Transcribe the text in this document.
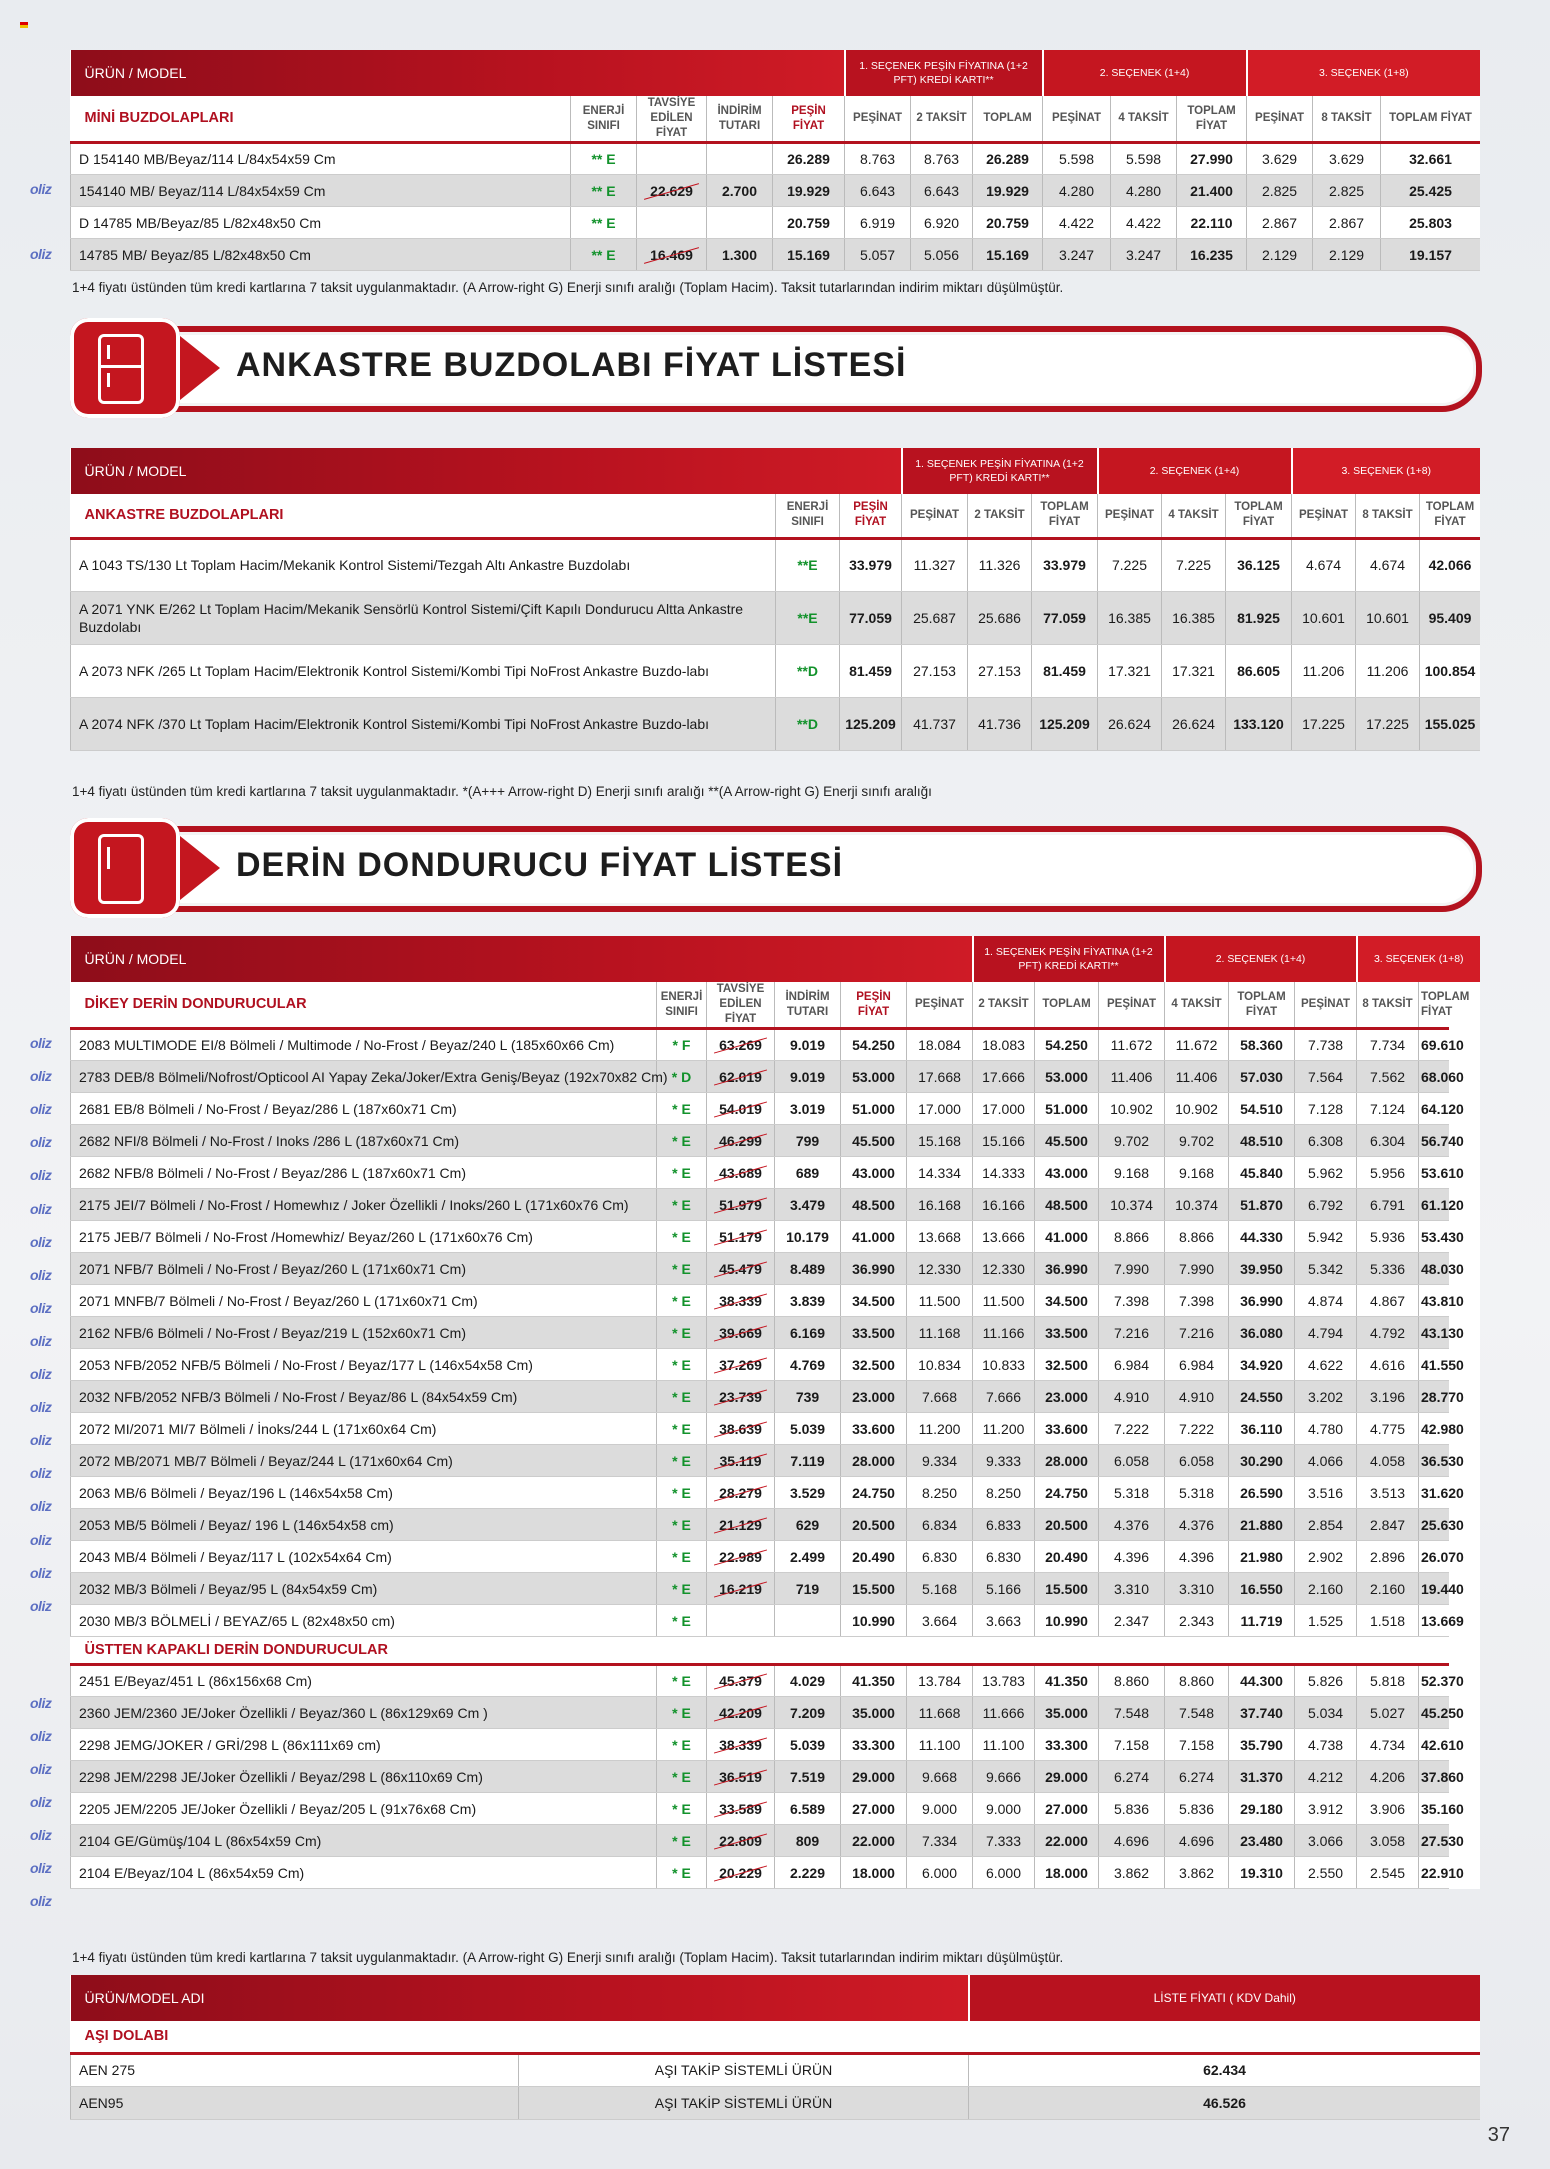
ÜRÜN / MODEL					1. SEÇENEK PEŞİN FİYATINA (1+2 PFT) KREDİ KARTI**			2. SEÇENEK (1+4)			3. SEÇENEK (1+8)		
MİNİ BUZDOLAPLARI	ENERJİ SINIFI	TAVSİYE EDİLEN FİYAT	İNDİRİM TUTARI	PEŞİN FİYAT	PEŞİNAT	2 TAKSİT	TOPLAM	PEŞİNAT	4 TAKSİT	TOPLAM FİYAT	PEŞİNAT	8 TAKSİT	TOPLAM FİYAT
D 154140 MB/Beyaz/114 L/84x54x59 Cm	** E			26.289	8.763	8.763	26.289	5.598	5.598	27.990	3.629	3.629	32.661
154140 MB/ Beyaz/114 L/84x54x59 Cm	** E	22.629	2.700	19.929	6.643	6.643	19.929	4.280	4.280	21.400	2.825	2.825	25.425
D 14785 MB/Beyaz/85 L/82x48x50 Cm	** E			20.759	6.919	6.920	20.759	4.422	4.422	22.110	2.867	2.867	25.803
14785 MB/ Beyaz/85 L/82x48x50 Cm	** E	16.469	1.300	15.169	5.057	5.056	15.169	3.247	3.247	16.235	2.129	2.129	19.157
1+4 fiyatı üstünden tüm kredi kartlarına 7 taksit uygulanmaktadır. (A Arrow-right G) Enerji sınıfı aralığı (Toplam Hacim). Taksit tutarlarından indirim miktarı düşülmüştür.
ANKASTRE BUZDOLABI FİYAT LİSTESİ
ÜRÜN / MODEL			1. SEÇENEK PEŞİN FİYATINA (1+2 PFT) KREDİ KARTI**			2. SEÇENEK (1+4)			3. SEÇENEK (1+8)		
ANKASTRE BUZDOLAPLARI	ENERJİ SINIFI	PEŞİN FİYAT	PEŞİNAT	2 TAKSİT	TOPLAM FİYAT	PEŞİNAT	4 TAKSİT	TOPLAM FİYAT	PEŞİNAT	8 TAKSİT	TOPLAM FİYAT
A 1043 TS/130 Lt Toplam Hacim/Mekanik Kontrol Sistemi/Tezgah Altı Ankastre Buzdolabı	**E	33.979	11.327	11.326	33.979	7.225	7.225	36.125	4.674	4.674	42.066
A 2071 YNK E/262 Lt Toplam Hacim/Mekanik Sensörlü Kontrol Sistemi/Çift Kapılı Dondurucu Altta Ankastre Buzdolabı	**E	77.059	25.687	25.686	77.059	16.385	16.385	81.925	10.601	10.601	95.409
A 2073 NFK /265 Lt Toplam Hacim/Elektronik Kontrol Sistemi/Kombi Tipi NoFrost Ankastre Buzdo-labı	**D	81.459	27.153	27.153	81.459	17.321	17.321	86.605	11.206	11.206	100.854
A 2074 NFK /370 Lt Toplam Hacim/Elektronik Kontrol Sistemi/Kombi Tipi NoFrost Ankastre Buzdo-labı	**D	125.209	41.737	41.736	125.209	26.624	26.624	133.120	17.225	17.225	155.025
1+4 fiyatı üstünden tüm kredi kartlarına 7 taksit uygulanmaktadır. *(A+++ Arrow-right D) Enerji sınıfı aralığı **(A Arrow-right G) Enerji sınıfı aralığı
DERİN DONDURUCU FİYAT LİSTESİ
ÜRÜN / MODEL						1. SEÇENEK PEŞİN FİYATINA (1+2 PFT) KREDİ KARTI**			2. SEÇENEK (1+4)			3. SEÇENEK (1+8)	
DİKEY DERİN DONDURUCULAR	ENERJİ SINIFI	TAVSİYE EDİLEN FİYAT	İNDİRİM TUTARI	PEŞİN FİYAT	PEŞİNAT	2 TAKSİT	TOPLAM	PEŞİNAT	4 TAKSİT	TOPLAM FİYAT	PEŞİNAT	8 TAKSİT	TOPLAM FİYAT
2083 MULTIMODE EI/8 Bölmeli / Multimode / No-Frost / Beyaz/240 L (185x60x66 Cm)	* F	63.269	9.019	54.250	18.084	18.083	54.250	11.672	11.672	58.360	7.738	7.734	69.610
2783 DEB/8 Bölmeli/Nofrost/Opticool AI Yapay Zeka/Joker/Extra Geniş/Beyaz (192x70x82 Cm)	* D	62.019	9.019	53.000	17.668	17.666	53.000	11.406	11.406	57.030	7.564	7.562	68.060
2681 EB/8 Bölmeli / No-Frost / Beyaz/286 L (187x60x71 Cm)	* E	54.019	3.019	51.000	17.000	17.000	51.000	10.902	10.902	54.510	7.128	7.124	64.120
2682 NFI/8 Bölmeli / No-Frost / Inoks /286 L (187x60x71 Cm)	* E	46.299	799	45.500	15.168	15.166	45.500	9.702	9.702	48.510	6.308	6.304	56.740
2682 NFB/8 Bölmeli / No-Frost / Beyaz/286 L (187x60x71 Cm)	* E	43.689	689	43.000	14.334	14.333	43.000	9.168	9.168	45.840	5.962	5.956	53.610
2175 JEI/7 Bölmeli / No-Frost / Homewhız / Joker Özellikli / Inoks/260 L (171x60x76 Cm)	* E	51.979	3.479	48.500	16.168	16.166	48.500	10.374	10.374	51.870	6.792	6.791	61.120
2175 JEB/7 Bölmeli / No-Frost /Homewhiz/ Beyaz/260 L (171x60x76 Cm)	* E	51.179	10.179	41.000	13.668	13.666	41.000	8.866	8.866	44.330	5.942	5.936	53.430
2071 NFB/7 Bölmeli / No-Frost / Beyaz/260 L (171x60x71 Cm)	* E	45.479	8.489	36.990	12.330	12.330	36.990	7.990	7.990	39.950	5.342	5.336	48.030
2071 MNFB/7 Bölmeli / No-Frost / Beyaz/260 L (171x60x71 Cm)	* E	38.339	3.839	34.500	11.500	11.500	34.500	7.398	7.398	36.990	4.874	4.867	43.810
2162 NFB/6 Bölmeli / No-Frost / Beyaz/219 L (152x60x71 Cm)	* E	39.669	6.169	33.500	11.168	11.166	33.500	7.216	7.216	36.080	4.794	4.792	43.130
2053 NFB/2052 NFB/5 Bölmeli / No-Frost / Beyaz/177 L (146x54x58 Cm)	* E	37.269	4.769	32.500	10.834	10.833	32.500	6.984	6.984	34.920	4.622	4.616	41.550
2032 NFB/2052 NFB/3 Bölmeli / No-Frost / Beyaz/86 L (84x54x59 Cm)	* E	23.739	739	23.000	7.668	7.666	23.000	4.910	4.910	24.550	3.202	3.196	28.770
2072 MI/2071 MI/7 Bölmeli / İnoks/244 L (171x60x64 Cm)	* E	38.639	5.039	33.600	11.200	11.200	33.600	7.222	7.222	36.110	4.780	4.775	42.980
2072 MB/2071 MB/7 Bölmeli / Beyaz/244 L (171x60x64 Cm)	* E	35.119	7.119	28.000	9.334	9.333	28.000	6.058	6.058	30.290	4.066	4.058	36.530
2063 MB/6 Bölmeli / Beyaz/196 L (146x54x58 Cm)	* E	28.279	3.529	24.750	8.250	8.250	24.750	5.318	5.318	26.590	3.516	3.513	31.620
2053 MB/5 Bölmeli / Beyaz/ 196 L (146x54x58 cm)	* E	21.129	629	20.500	6.834	6.833	20.500	4.376	4.376	21.880	2.854	2.847	25.630
2043 MB/4 Bölmeli / Beyaz/117 L (102x54x64 Cm)	* E	22.989	2.499	20.490	6.830	6.830	20.490	4.396	4.396	21.980	2.902	2.896	26.070
2032 MB/3 Bölmeli / Beyaz/95 L (84x54x59 Cm)	* E	16.219	719	15.500	5.168	5.166	15.500	3.310	3.310	16.550	2.160	2.160	19.440
2030 MB/3 BÖLMELİ / BEYAZ/65 L (82x48x50 cm)	* E			10.990	3.664	3.663	10.990	2.347	2.343	11.719	1.525	1.518	13.669
ÜSTTEN KAPAKLI DERİN DONDURUCULAR													
2451 E/Beyaz/451 L (86x156x68 Cm)	* E	45.379	4.029	41.350	13.784	13.783	41.350	8.860	8.860	44.300	5.826	5.818	52.370
2360 JEM/2360 JE/Joker Özellikli / Beyaz/360 L (86x129x69 Cm )	* E	42.209	7.209	35.000	11.668	11.666	35.000	7.548	7.548	37.740	5.034	5.027	45.250
2298 JEMG/JOKER / GRİ/298 L (86x111x69 cm)	* E	38.339	5.039	33.300	11.100	11.100	33.300	7.158	7.158	35.790	4.738	4.734	42.610
2298 JEM/2298 JE/Joker Özellikli / Beyaz/298 L (86x110x69 Cm)	* E	36.519	7.519	29.000	9.668	9.666	29.000	6.274	6.274	31.370	4.212	4.206	37.860
2205 JEM/2205 JE/Joker Özellikli / Beyaz/205 L (91x76x68 Cm)	* E	33.589	6.589	27.000	9.000	9.000	27.000	5.836	5.836	29.180	3.912	3.906	35.160
2104 GE/Gümüş/104 L (86x54x59 Cm)	* E	22.809	809	22.000	7.334	7.333	22.000	4.696	4.696	23.480	3.066	3.058	27.530
2104 E/Beyaz/104 L (86x54x59 Cm)	* E	20.229	2.229	18.000	6.000	6.000	18.000	3.862	3.862	19.310	2.550	2.545	22.910
1+4 fiyatı üstünden tüm kredi kartlarına 7 taksit uygulanmaktadır. (A Arrow-right G) Enerji sınıfı aralığı (Toplam Hacim). Taksit tutarlarından indirim miktarı düşülmüştür.
ÜRÜN/MODEL ADI		LİSTE FİYATI ( KDV Dahil)
AŞI DOLABI		
AEN 275	AŞI TAKİP SİSTEMLİ ÜRÜN	62.434
AEN95	AŞI TAKİP SİSTEMLİ ÜRÜN	46.526
37
oliz
oliz
oliz
oliz
oliz
oliz
oliz
oliz
oliz
oliz
oliz
oliz
oliz
oliz
oliz
oliz
oliz
oliz
oliz
oliz
oliz
oliz
oliz
oliz
oliz
oliz
oliz
